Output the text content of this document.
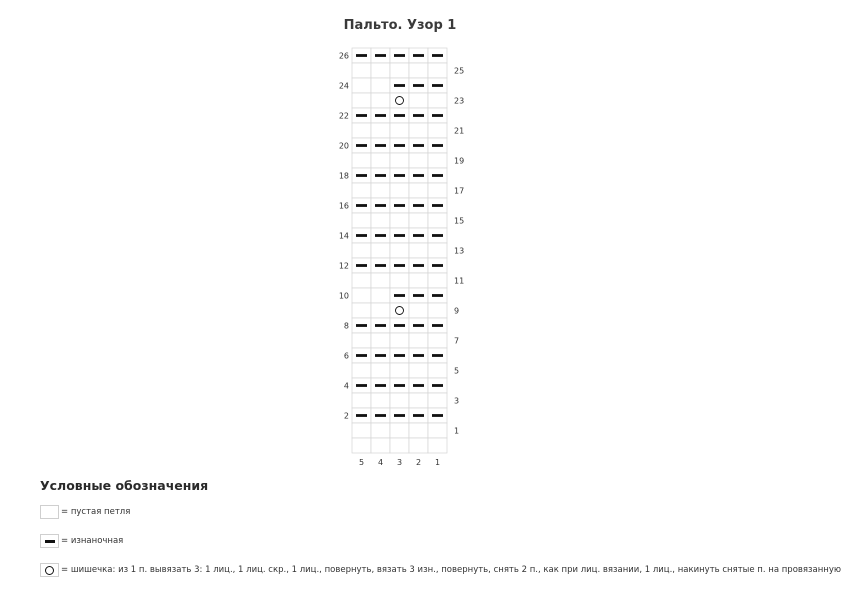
Пальто. Узор 1
26
24
22
20
18
16
14
12
10
8
6
4
2
25
23
21
19
17
15
13
11
9
7
5
3
1
5 4 3 2 1
Условные обозначения
= пустая петля
= изнаночная
= шишечка: из 1 п. вывязать 3: 1 лиц., 1 лиц. скр., 1 лиц., повернуть, вязать 3 изн., повернуть, снять 2 п., как при лиц. вязании, 1 лиц., накинуть снятые п. на провязанную
